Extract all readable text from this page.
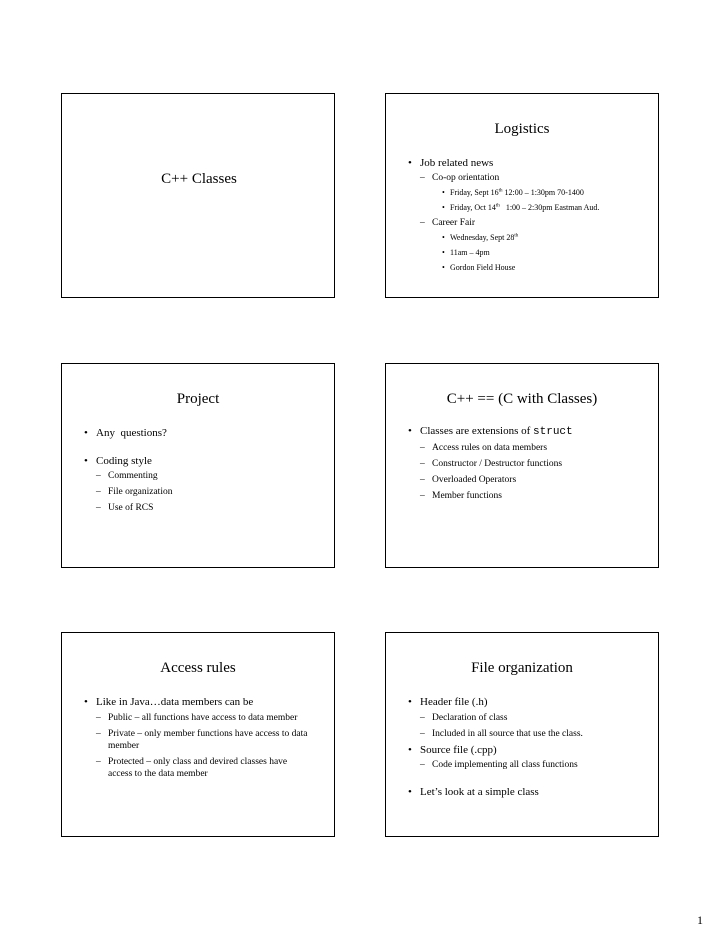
C++ Classes
Logistics
• Job related news
– Co-op orientation
• Friday, Sept 16th 12:00 – 1:30pm 70-1400
• Friday, Oct 14th   1:00 – 2:30pm Eastman Aud.
– Career Fair
• Wednesday, Sept 28th
• 11am – 4pm
• Gordon Field House
Project
• Any  questions?
• Coding style
– Commenting
– File organization
– Use of RCS
C++ == (C with Classes)
• Classes are extensions of struct
– Access rules on data members
– Constructor / Destructor functions
– Overloaded Operators
– Member functions
Access rules
• Like in Java…data members can be
– Public – all functions have access to data member
– Private – only member functions have access to data member
– Protected – only class and devired classes have access to the data member
File organization
• Header file (.h)
– Declaration of class
– Included in all source that use the class.
• Source file (.cpp)
– Code implementing all class functions
• Let’s look at a simple class
1
